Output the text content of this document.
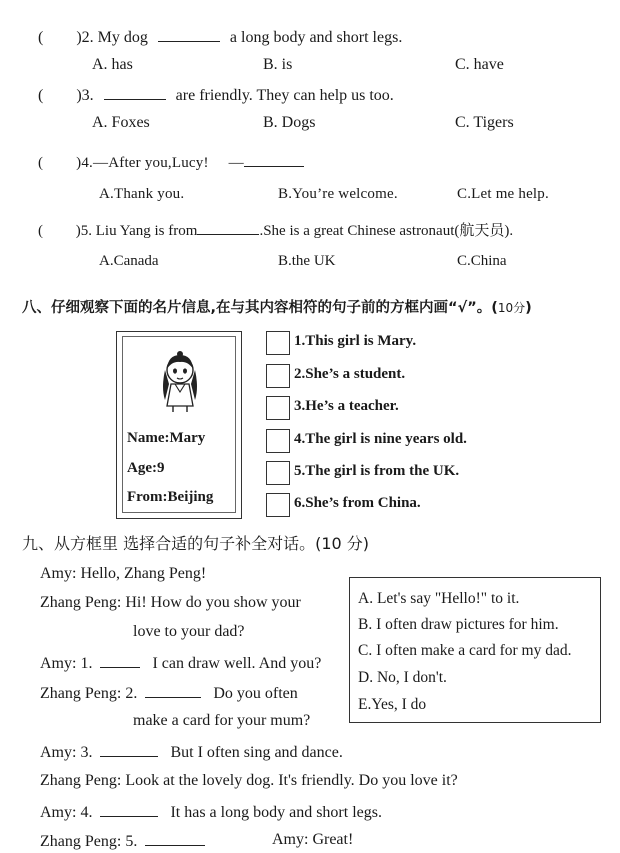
( )2. My dog	a long body and short legs.
A. has	B. is	C. have
( )3.	are friendly. They can help us too.
A. Foxes	B. Dogs	C. Tigers
( )4.—After you,Lucy! —
A.Thank you.	B.You’re welcome.	C.Let me help.
( )5. Liu Yang is from	.She is a great Chinese astronaut(航天员).
A.Canada	B.the UK	C.China
八、仔细观察下面的名片信息,在与其内容相符的句子前的方框内画“√”。(10分)
Name:Mary
Age:9
From:Beijing
1.This girl is Mary.
2.She’s a student.
3.He’s a teacher.
4.The girl is nine years old.
5.The girl is from the UK.
6.She’s from China.
九、从方框里 选择合适的句子补全对话。(10 分)
A. Let's say "Hello!" to it.
B. I often draw pictures for him.
C. I often make a card for my dad.
D. No, I don't.
E.Yes, I do
Amy: Hello, Zhang Peng!
Zhang Peng: Hi! How do you show your
love to your dad?
Amy: 1.	I can draw well. And you?
Zhang Peng: 2.	Do you often
make a card for your mum?
Amy: 3.	But I often sing and dance.
Zhang Peng: Look at the lovely dog. It's friendly. Do you love it?
Amy: 4.	It has a long body and short legs.
Zhang Peng: 5.	Amy: Great!
